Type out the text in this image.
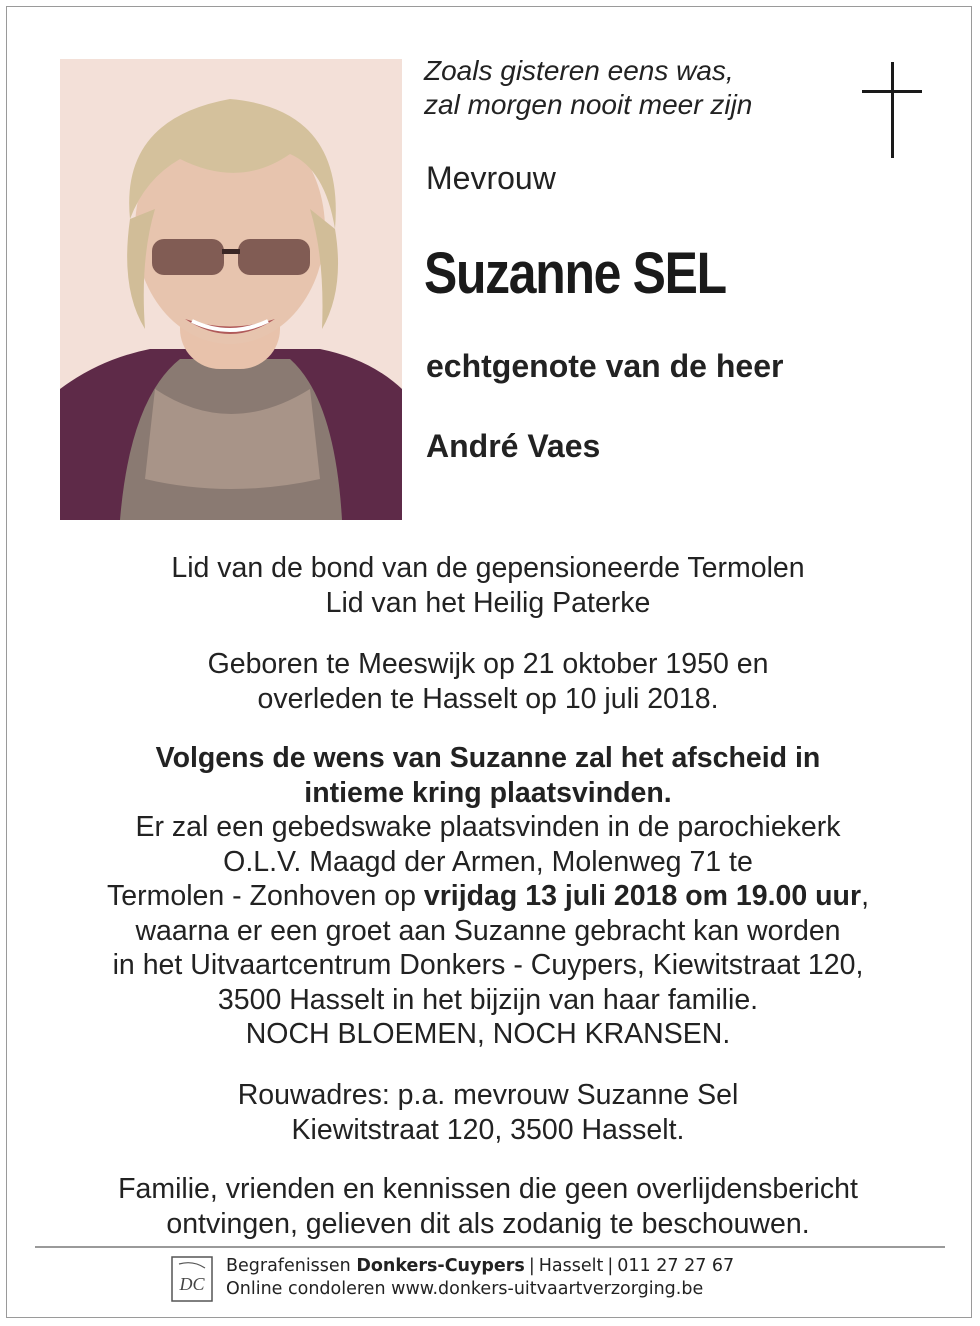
Zoals gisteren eens was,
zal morgen nooit meer zijn
Mevrouw
Suzanne SEL
echtgenote van de heer
André Vaes
Lid van de bond van de gepensioneerde Termolen
Lid van het Heilig Paterke
Geboren te Meeswijk op 21 oktober 1950 en
overleden te Hasselt op 10 juli 2018.
Volgens de wens van Suzanne zal het afscheid in
intieme kring plaatsvinden.
Er zal een gebedswake plaatsvinden in de parochiekerk
O.L.V. Maagd der Armen, Molenweg 71 te
Termolen - Zonhoven op vrijdag 13 juli 2018 om 19.00 uur,
waarna er een groet aan Suzanne gebracht kan worden
in het Uitvaartcentrum Donkers - Cuypers, Kiewitstraat 120,
3500 Hasselt in het bijzijn van haar familie.
NOCH BLOEMEN, NOCH KRANSEN.
Rouwadres: p.a. mevrouw Suzanne Sel
Kiewitstraat 120, 3500 Hasselt.
Familie, vrienden en kennissen die geen overlijdensbericht
ontvingen, gelieven dit als zodanig te beschouwen.
DC
Begrafenissen Donkers-Cuypers | Hasselt | 011 27 27 67
Online condoleren www.donkers-uitvaartverzorging.be
